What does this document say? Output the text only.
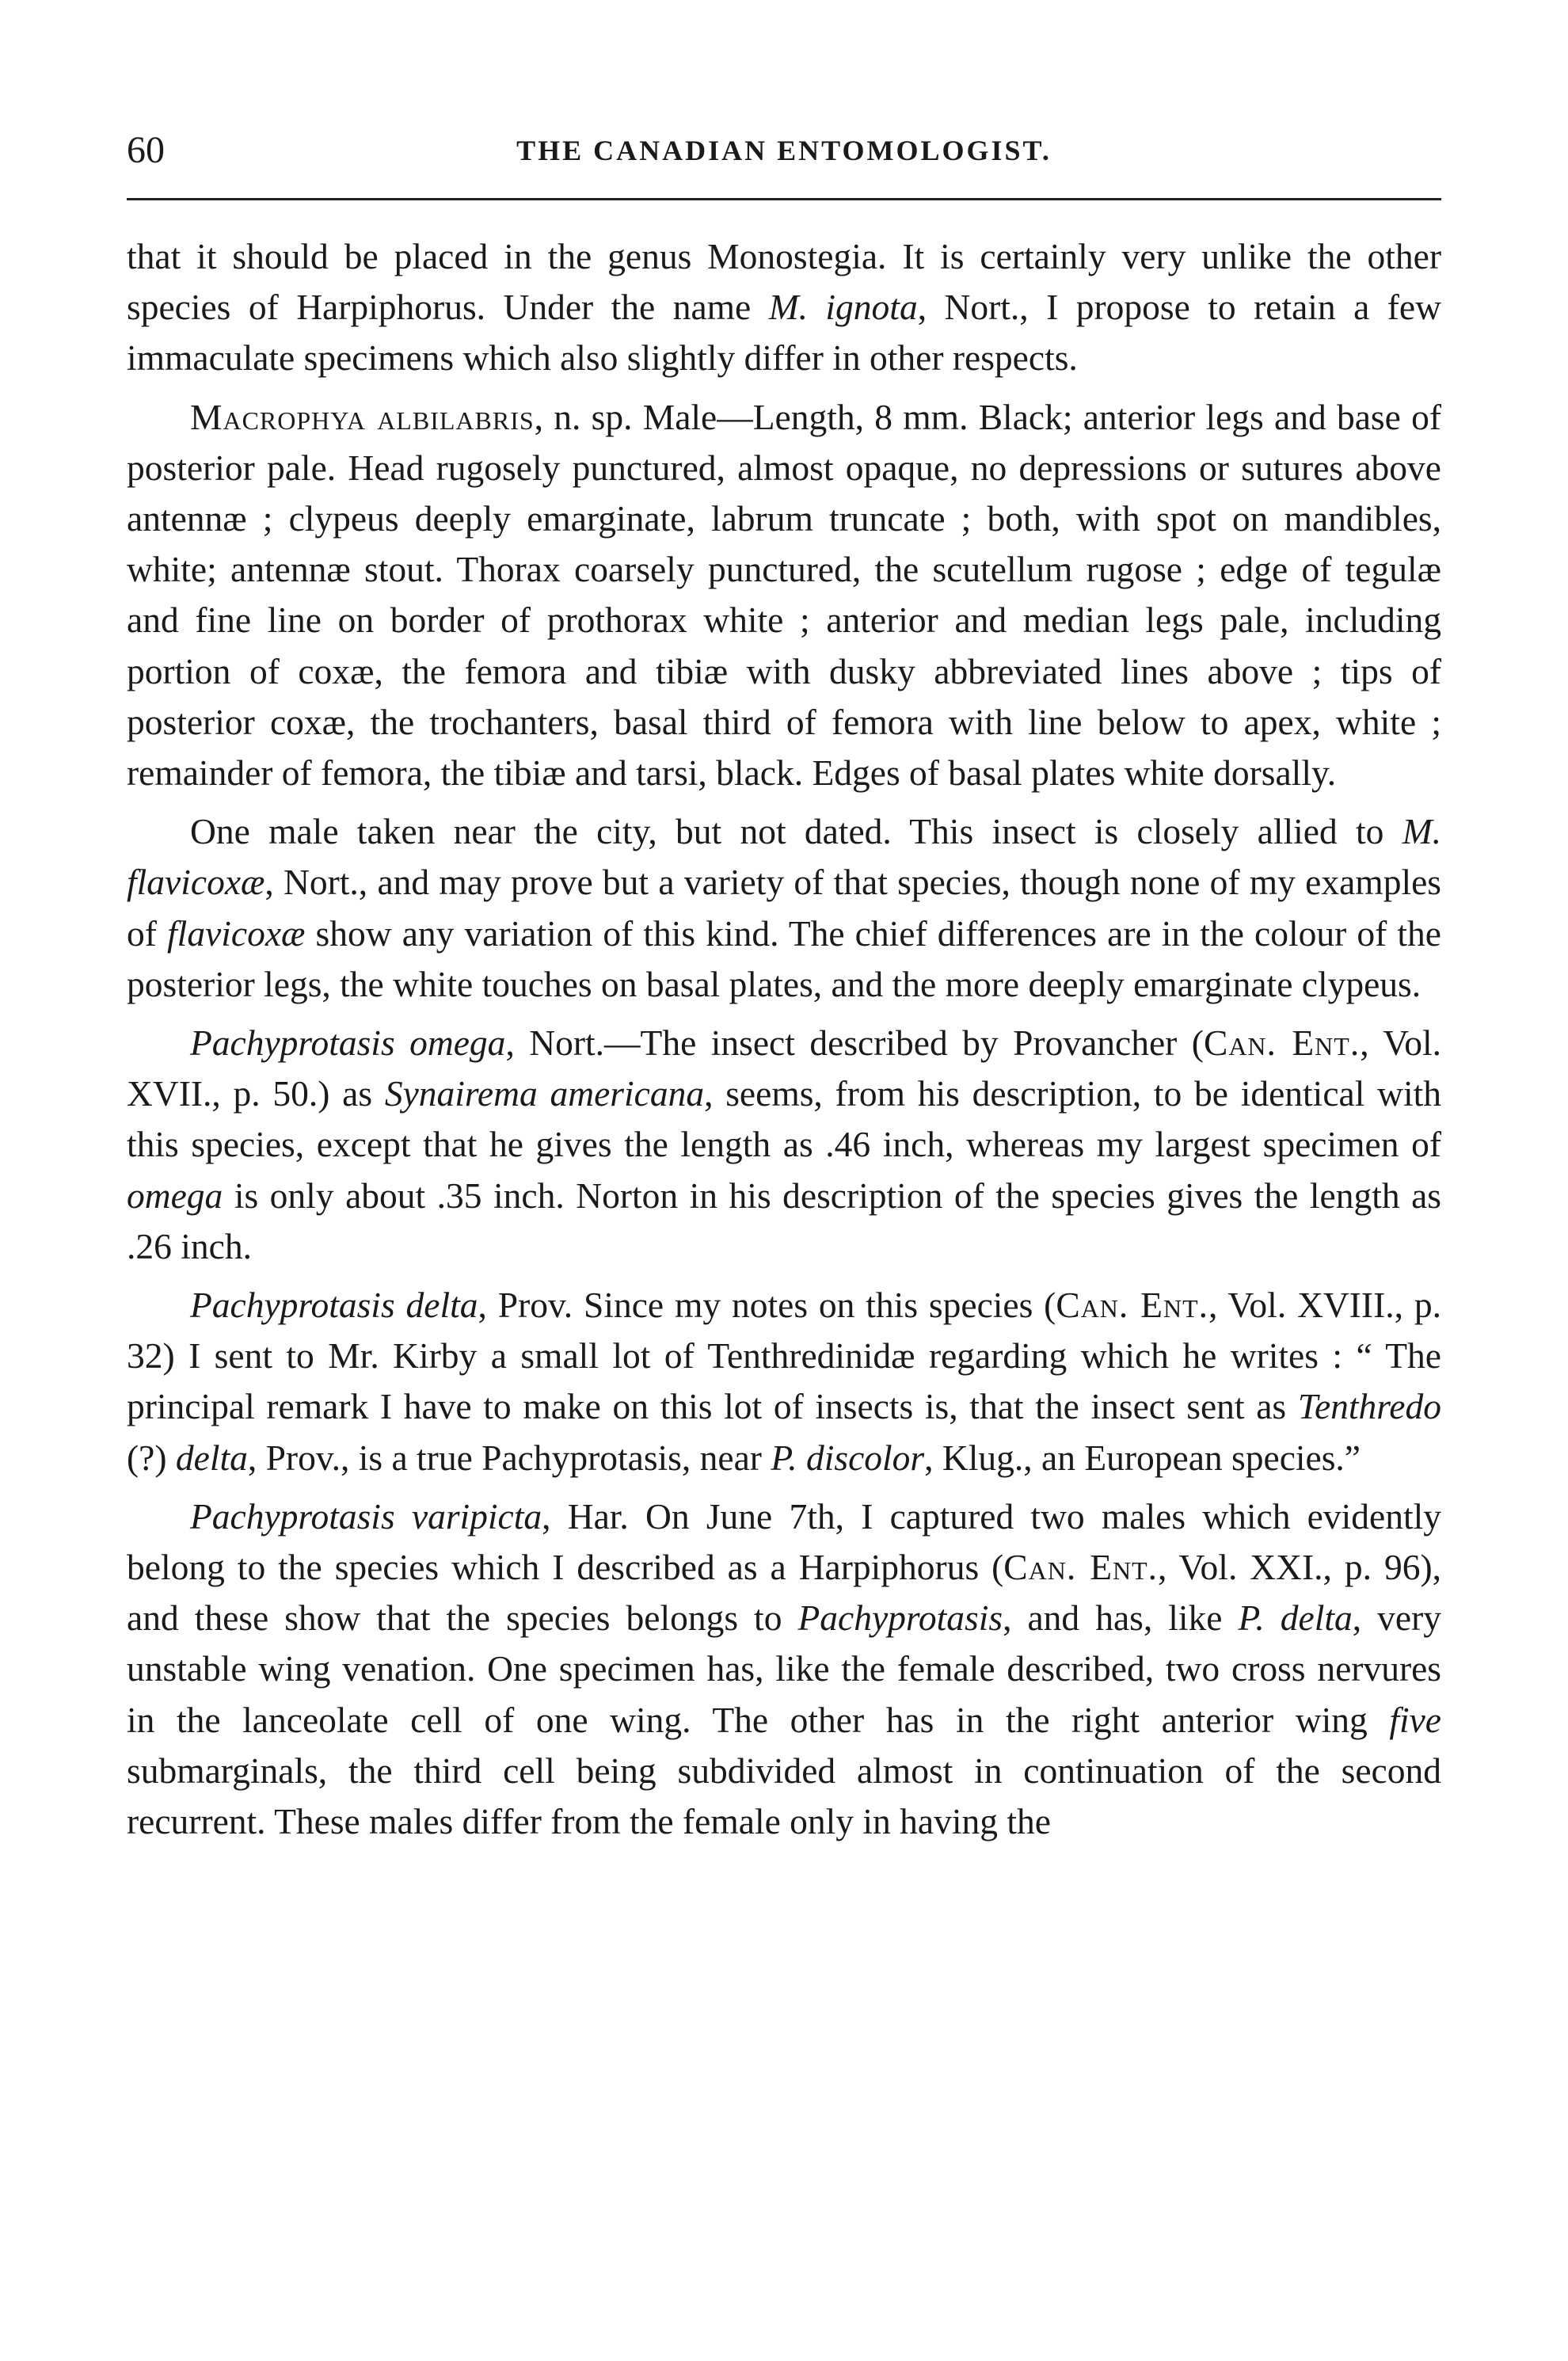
60	THE CANADIAN ENTOMOLOGIST.

that it should be placed in the genus Monostegia. It is certainly very unlike the other species of Harpiphorus. Under the name M. ignota, Nort., I propose to retain a few immaculate specimens which also slightly differ in other respects.

Macrophya albilabris, n. sp. Male—Length, 8 mm. Black; anterior legs and base of posterior pale. Head rugosely punctured, almost opaque, no depressions or sutures above antennæ ; clypeus deeply emarginate, labrum truncate ; both, with spot on mandibles, white; antennæ stout. Thorax coarsely punctured, the scutellum rugose ; edge of tegulæ and fine line on border of prothorax white ; anterior and median legs pale, including portion of coxæ, the femora and tibiæ with dusky abbreviated lines above ; tips of posterior coxæ, the trochanters, basal third of femora with line below to apex, white ; remainder of femora, the tibiæ and tarsi, black. Edges of basal plates white dorsally.

One male taken near the city, but not dated. This insect is closely allied to M. flavicoxæ, Nort., and may prove but a variety of that species, though none of my examples of flavicoxæ show any variation of this kind. The chief differences are in the colour of the posterior legs, the white touches on basal plates, and the more deeply emarginate clypeus.

Pachyprotasis omega, Nort.—The insect described by Provancher (Can. Ent., Vol. XVII., p. 50.) as Synairema americana, seems, from his description, to be identical with this species, except that he gives the length as .46 inch, whereas my largest specimen of omega is only about .35 inch. Norton in his description of the species gives the length as .26 inch.

Pachyprotasis delta, Prov. Since my notes on this species (Can. Ent., Vol. XVIII., p. 32) I sent to Mr. Kirby a small lot of Tenthredinidæ regarding which he writes : “ The principal remark I have to make on this lot of insects is, that the insect sent as Tenthredo (?) delta, Prov., is a true Pachyprotasis, near P. discolor, Klug., an European species.”

Pachyprotasis varipicta, Har. On June 7th, I captured two males which evidently belong to the species which I described as a Harpiphorus (Can. Ent., Vol. XXI., p. 96), and these show that the species belongs to Pachyprotasis, and has, like P. delta, very unstable wing venation. One specimen has, like the female described, two cross nervures in the lanceolate cell of one wing. The other has in the right anterior wing five submarginals, the third cell being subdivided almost in continuation of the second recurrent. These males differ from the female only in having the
